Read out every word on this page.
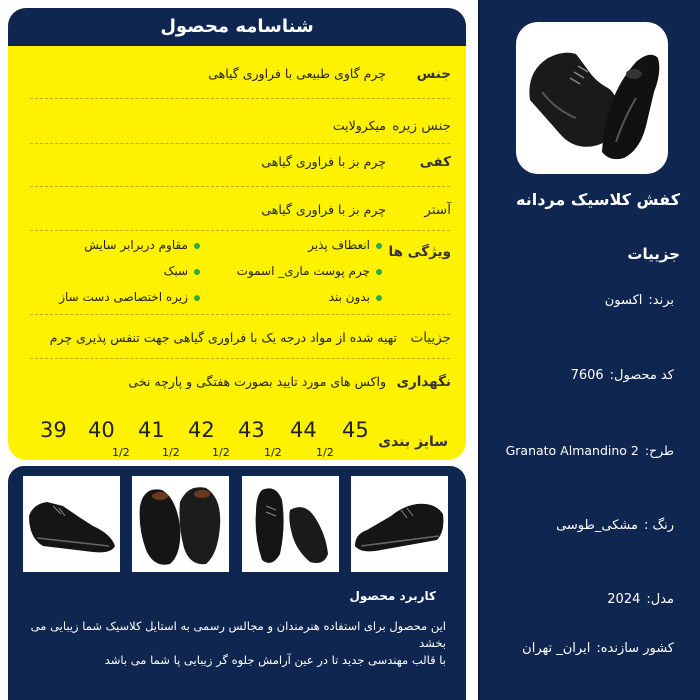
کفش کلاسیک مردانه
جزییات
برند:اکسون
کد محصول:7606
طرح:Granato Almandino 2
رنگ :مشکی_طوسی
مدل:2024
کشور سازنده:ایران_ تهران
شناسامه محصول
جنس
چرم گاوی طبیعی با فراوری گیاهی
جنس زیره
میکرولایت
کفی
چرم بز با فراوری گیاهی
آستر
چرم بز با فراوری گیاهی
ویژگی ها
انعطاف پذیر
چرم پوست ماری_ اسموت
بدون بند
مقاوم دربرابر سایش
سبک
زیره اختصاصی دست ساز
جزییات
تهیه شده از مواد درجه یک با فراوری گیاهی جهت تنفس پذیری چرم
نگهداری
واکس های مورد تایید بصورت هفتگی و پارچه نخی
45
44
43
42
41
40
39
1/2
1/2
1/2
1/2
1/2
سایز بندی
کاربرد محصول
این محصول برای استفاده هنرمندان و مجالس رسمی به استایل کلاسیک شما زیبایی می بخشد
با قالب مهندسی جدید تا در عین آرامش جلوه گر زیبایی پا شما می باشد
